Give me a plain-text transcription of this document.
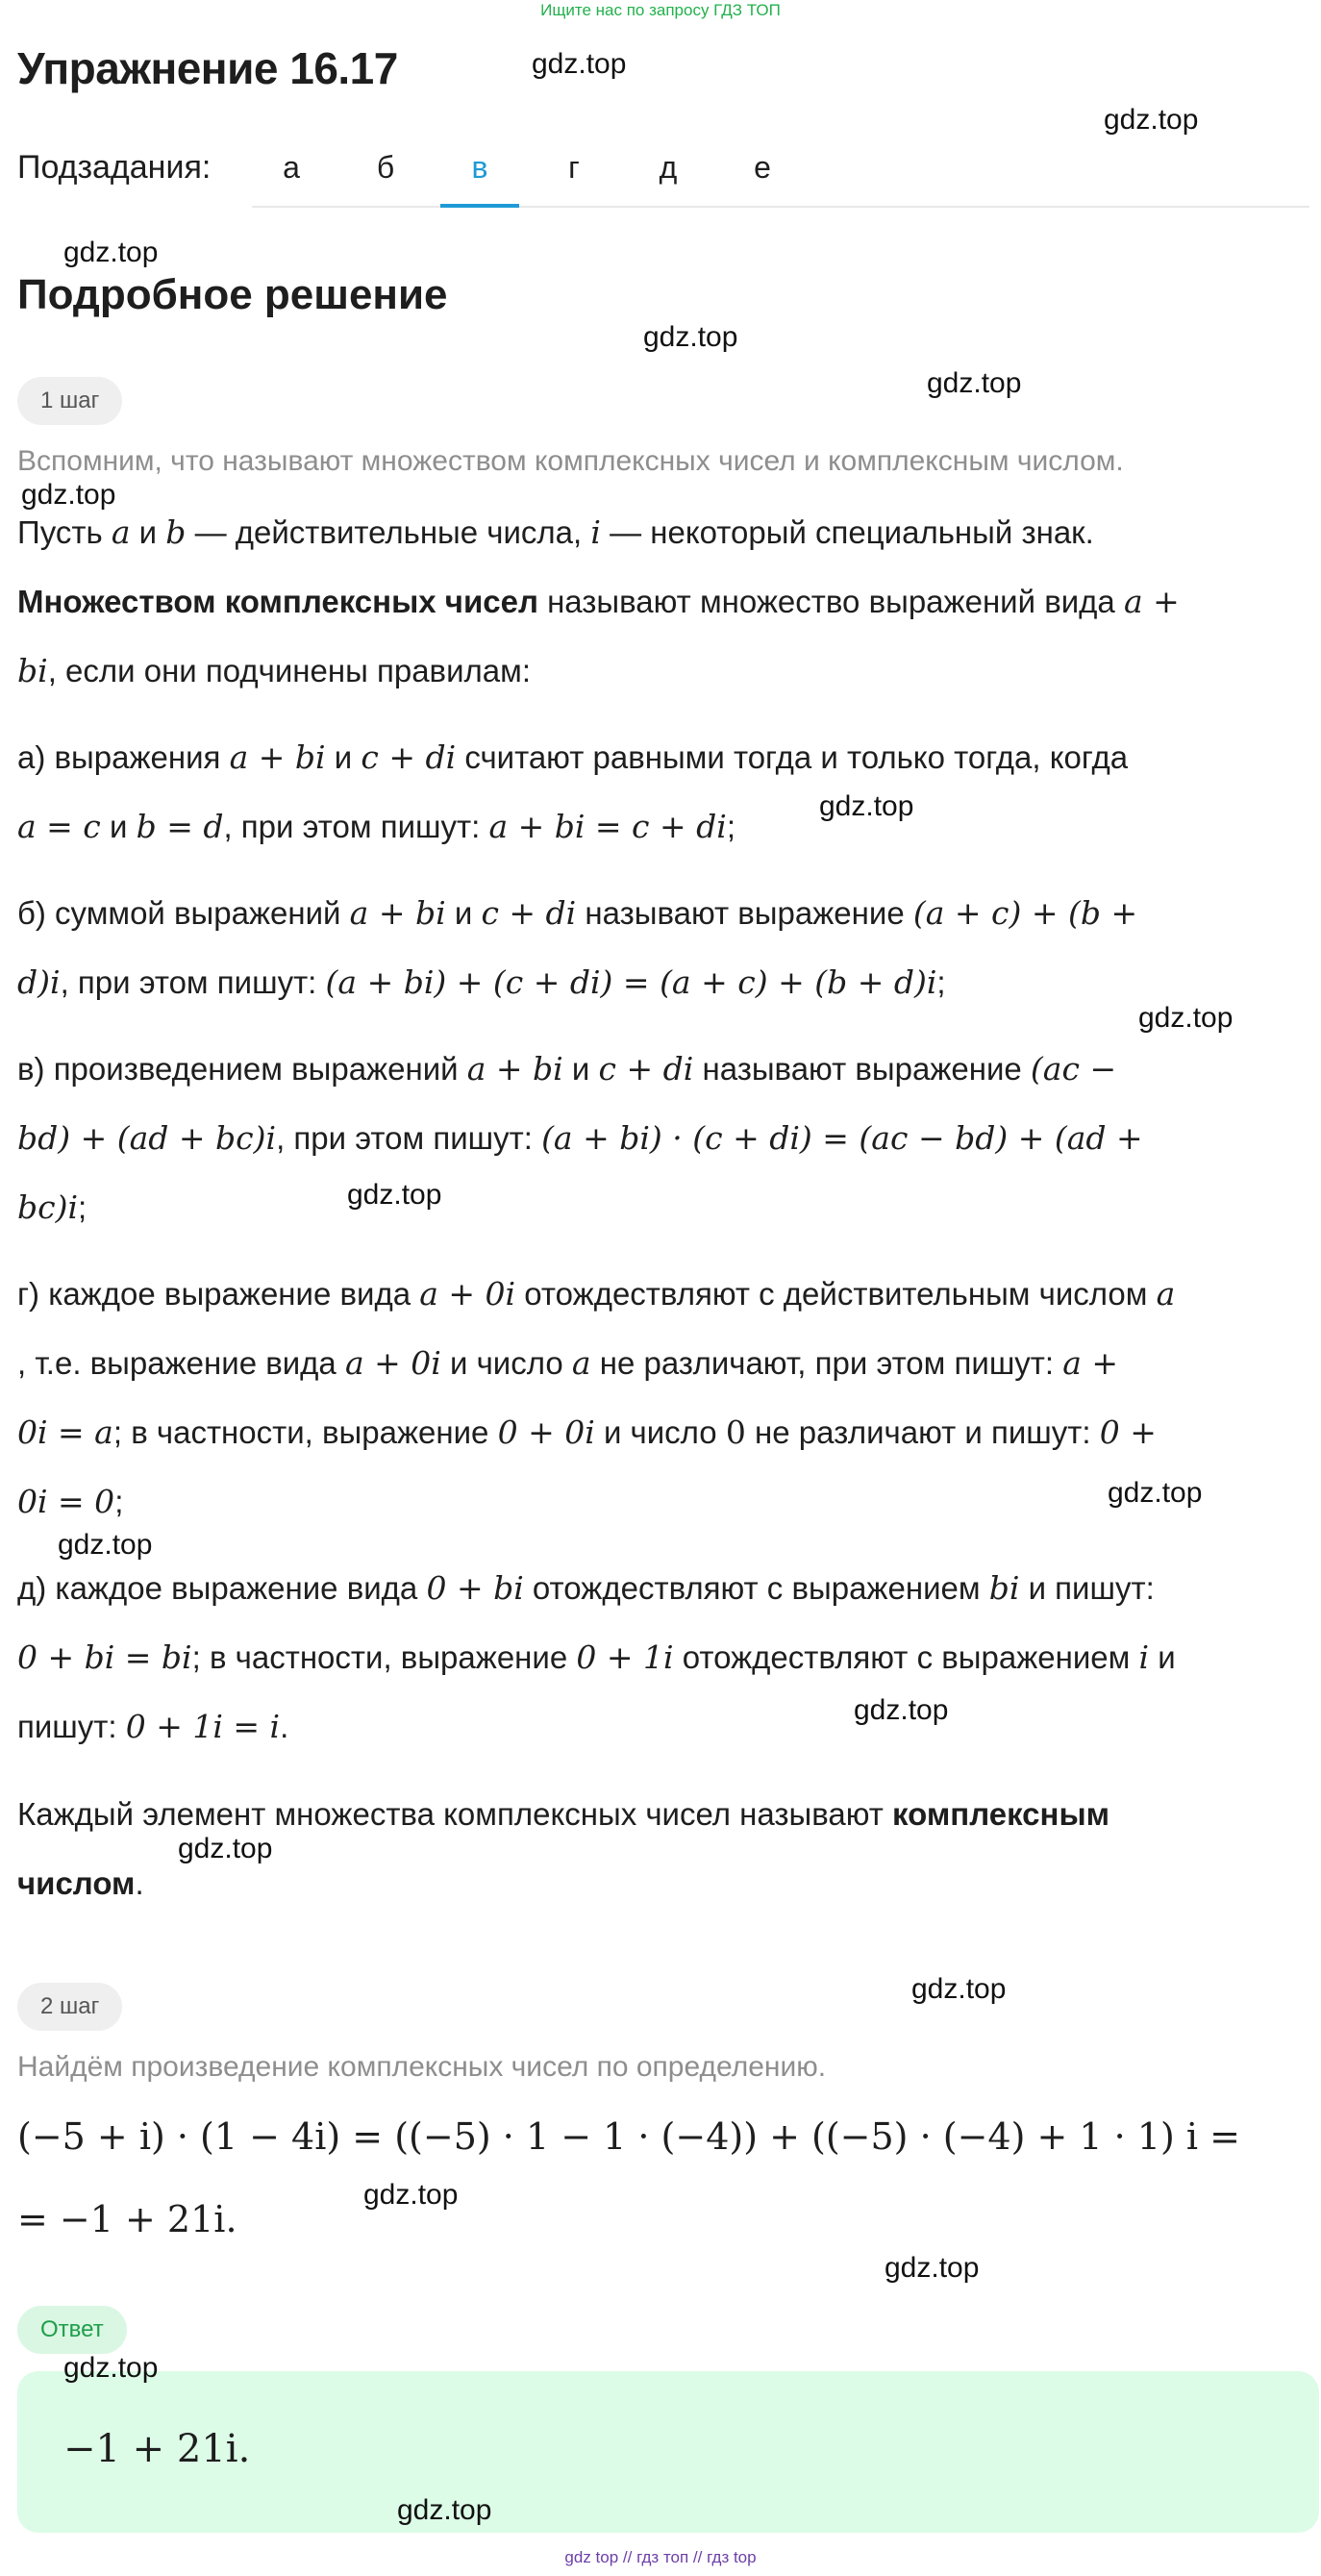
Ищите нас по запросу ГДЗ ТОП
Упражнение 16.17
Подзадания:	а	б	в	г	д	е
Подробное решение
1 шаг
Вспомним, что называют множеством комплексных чисел и комплексным числом.
Пусть a и b — действительные числа, i — некоторый специальный знак.
Множеством комплексных чисел называют множество выражений вида a +
bi, если они подчинены правилам:
а) выражения a + bi и c + di считают равными тогда и только тогда, когда
a = c и b = d, при этом пишут: a + bi = c + di;
б) суммой выражений a + bi и c + di называют выражение (a + c) + (b +
d)i, при этом пишут: (a + bi) + (c + di) = (a + c) + (b + d)i;
в) произведением выражений a + bi и c + di называют выражение (ac −
bd) + (ad + bc)i, при этом пишут: (a + bi) · (c + di) = (ac − bd) + (ad +
bc)i;
г) каждое выражение вида a + 0i отождествляют с действительным числом a
, т.е. выражение вида a + 0i и число a не различают, при этом пишут: a +
0i = a; в частности, выражение 0 + 0i и число 0 не различают и пишут: 0 +
0i = 0;
д) каждое выражение вида 0 + bi отождествляют с выражением bi и пишут:
0 + bi = bi; в частности, выражение 0 + 1i отождествляют с выражением i и
пишут: 0 + 1i = i.
Каждый элемент множества комплексных чисел называют комплексным
числом.
2 шаг
Найдём произведение комплексных чисел по определению.
(−5 + i) · (1 − 4i) = ((−5) · 1 − 1 · (−4)) + ((−5) · (−4) + 1 · 1) i =
= −1 + 21i.
Ответ
−1 + 21i.
gdz.top
gdz.top
gdz.top
gdz.top
gdz.top
gdz.top
gdz.top
gdz.top
gdz.top
gdz.top
gdz.top
gdz.top
gdz.top
gdz.top
gdz.top
gdz.top
gdz.top
gdz.top
gdz top // гдз топ // гдз top
